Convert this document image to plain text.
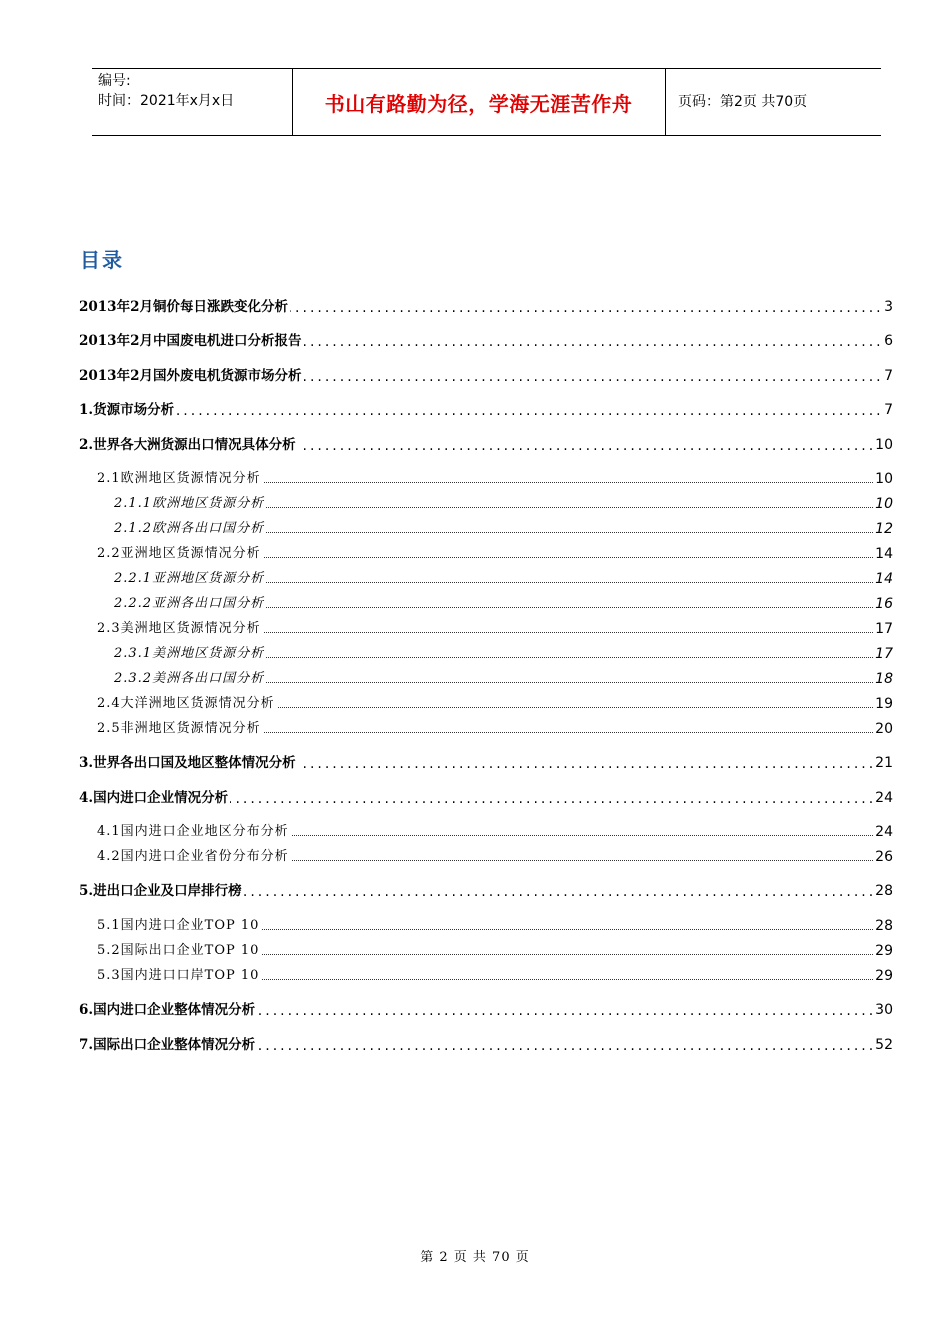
编号:
时间：2021年x月x日	书山有路勤为径，学海无涯苦作舟	页码：第2页 共70页
目录
.....
2013年2月铜价每日涨跌变化分析	3
.....
2013年2月中国废电机进口分析报告	6
.....
2013年2月国外废电机货源市场分析	7
.....
1.货源市场分析	7
.....
2.世界各大洲货源出口情况具体分析	10
2.1欧洲地区货源情况分析	10
2.1.1欧洲地区货源分析	10
2.1.2欧洲各出口国分析	12
2.2亚洲地区货源情况分析	14
2.2.1亚洲地区货源分析	14
2.2.2亚洲各出口国分析	16
2.3美洲地区货源情况分析	17
2.3.1美洲地区货源分析	17
2.3.2美洲各出口国分析	18
2.4大洋洲地区货源情况分析	19
2.5非洲地区货源情况分析	20
.....
3.世界各出口国及地区整体情况分析	21
.....
4.国内进口企业情况分析	24
4.1国内进口企业地区分布分析	24
4.2国内进口企业省份分布分析	26
.....
5.进出口企业及口岸排行榜	28
5.1国内进口企业TOP 10	28
5.2国际出口企业TOP 10	29
5.3国内进口口岸TOP 10	29
.....
6.国内进口企业整体情况分析	30
.....
7.国际出口企业整体情况分析	52
第 2 页 共 70 页
